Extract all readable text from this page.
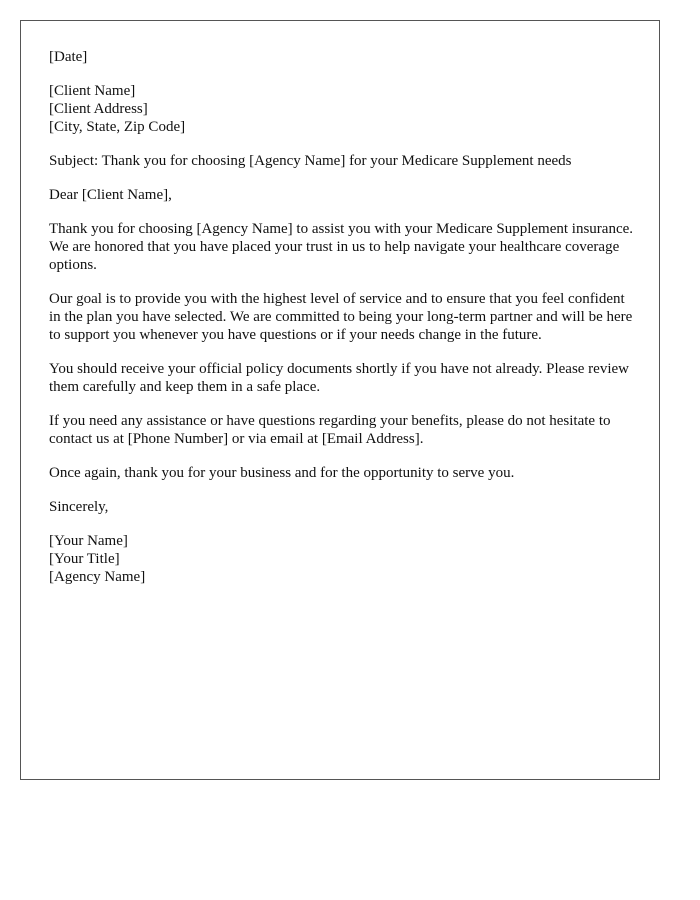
[Date]
[Client Name]
[Client Address]
[City, State, Zip Code]

Subject: Thank you for choosing [Agency Name] for your Medicare Supplement needs

Dear [Client Name],

Thank you for choosing [Agency Name] to assist you with your Medicare Supplement insurance. We are honored that you have placed your trust in us to help navigate your healthcare coverage options.

Our goal is to provide you with the highest level of service and to ensure that you feel confident in the plan you have selected. We are committed to being your long-term partner and will be here to support you whenever you have questions or if your needs change in the future.

You should receive your official policy documents shortly if you have not already. Please review them carefully and keep them in a safe place.

If you need any assistance or have questions regarding your benefits, please do not hesitate to contact us at [Phone Number] or via email at [Email Address].

Once again, thank you for your business and for the opportunity to serve you.

Sincerely,

[Your Name]
[Your Title]
[Agency Name]
